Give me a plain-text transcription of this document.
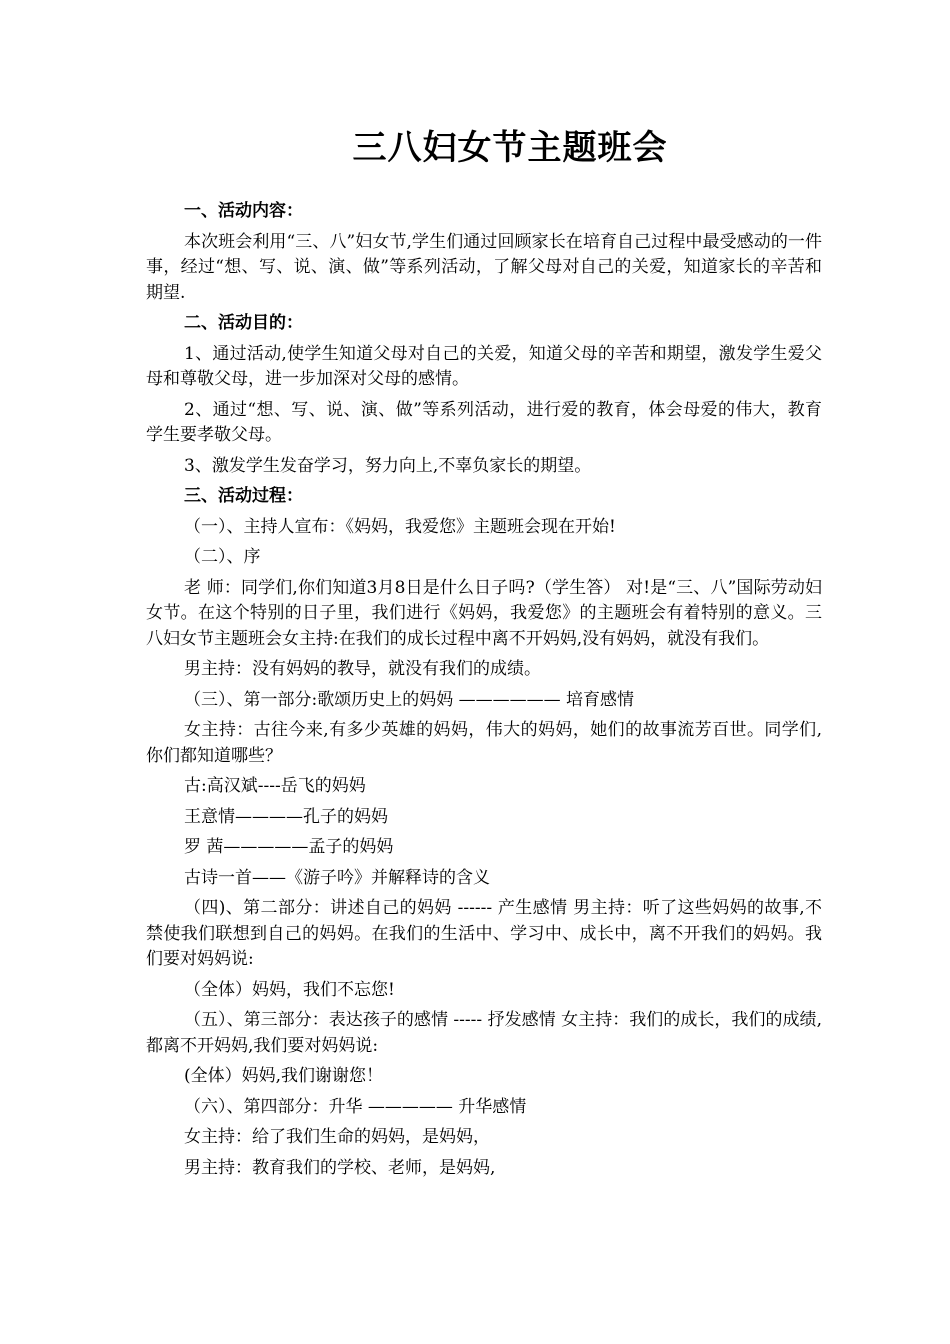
三八妇女节主题班会

一、活动内容：

本次班会利用“三、八”妇女节,学生们通过回顾家长在培育自己过程中最受感动的一件事，经过“想、写、说、演、做”等系列活动，了解父母对自己的关爱，知道家长的辛苦和期望.

二、活动目的：

1、通过活动,使学生知道父母对自己的关爱，知道父母的辛苦和期望，激发学生爱父母和尊敬父母，进一步加深对父母的感情。

2、通过“想、写、说、演、做”等系列活动，进行爱的教育，体会母爱的伟大，教育学生要孝敬父母。

3、激发学生发奋学习，努力向上,不辜负家长的期望。

三、活动过程：

（一）、主持人宣布：《妈妈，我爱您》主题班会现在开始!

（二）、序

老 师：同学们,你们知道3月8日是什么日子吗?（学生答） 对!是“三、八”国际劳动妇女节。在这个特别的日子里，我们进行《妈妈，我爱您》的主题班会有着特别的意义。三八妇女节主题班会女主持:在我们的成长过程中离不开妈妈,没有妈妈，就没有我们。

男主持：没有妈妈的教导，就没有我们的成绩。

（三）、第一部分:歌颂历史上的妈妈 —————— 培育感情

女主持：古往今来,有多少英雄的妈妈，伟大的妈妈，她们的故事流芳百世。同学们,你们都知道哪些？

古:高汉斌----岳飞的妈妈

王意情————孔子的妈妈

罗 茜—————孟子的妈妈

古诗一首——《游子吟》并解释诗的含义

（四)、第二部分：讲述自己的妈妈 ------ 产生感情 男主持：听了这些妈妈的故事,不禁使我们联想到自己的妈妈。在我们的生活中、学习中、成长中，离不开我们的妈妈。我们要对妈妈说:

（全体）妈妈，我们不忘您!

（五）、第三部分：表达孩子的感情 ----- 抒发感情 女主持：我们的成长，我们的成绩,都离不开妈妈,我们要对妈妈说:

(全体）妈妈,我们谢谢您！

（六）、第四部分：升华 ————— 升华感情

女主持：给了我们生命的妈妈，是妈妈，

男主持：教育我们的学校、老师，是妈妈,
